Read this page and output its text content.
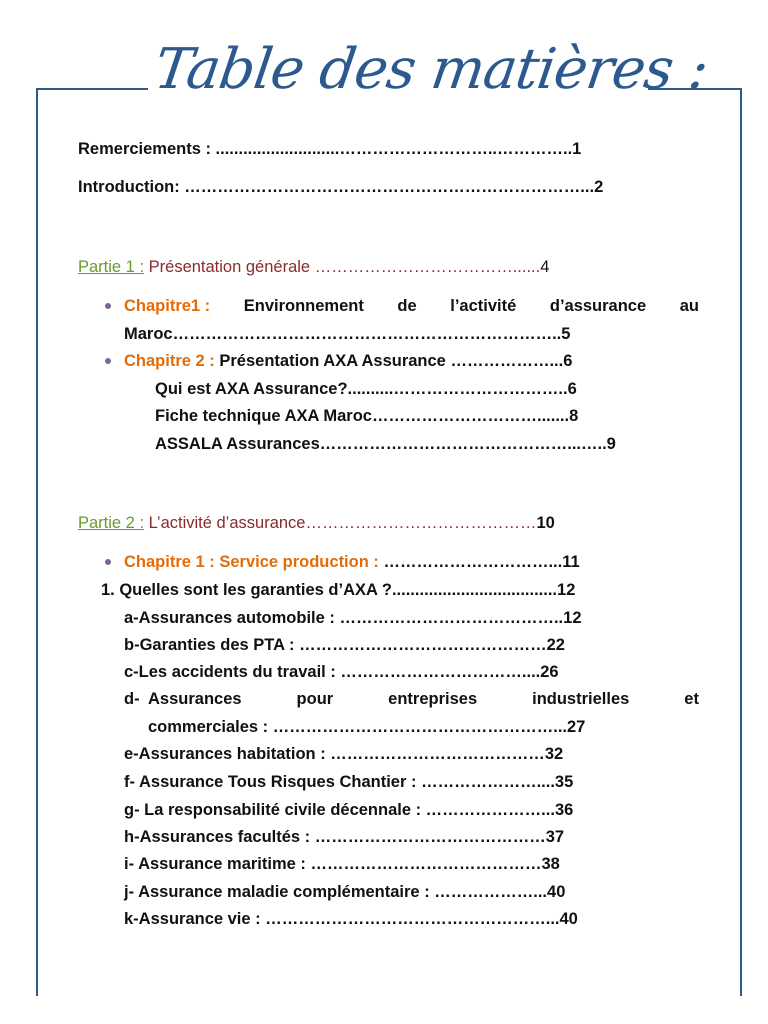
Table des matières :
Remerciements : ...........................………………………..…………..1
Introduction: ………………………………………………………………...2
Partie 1 : Présentation générale ………………………………......4
Chapitre1 : Environnement de l’activité d’assurance au
Maroc……………………………………………………………..5
Chapitre 2 : Présentation AXA Assurance ………………...6
Qui est AXA Assurance?..........…………………………..6
Fiche technique AXA Maroc………………………….......8
ASSALA Assurances………………………………………...…..9
Partie 2 : L’activité d’assurance……………………………………10
Chapitre 1 : Service production : …………………………...11
1. Quelles sont les garanties d’AXA ?....................................12
a-Assurances automobile : …………………………………..12
b-Garanties des PTA : ………………………………………22
c-Les accidents du travail : ……………………………....26
d- Assurances	pour	entreprises	industrielles	et
commerciales : ……………………………………………...27
e-Assurances habitation : …………………………………32
f- Assurance Tous Risques Chantier : …………………....35
g- La responsabilité civile décennale : …………………...36
h-Assurances facultés : ……………………………………37
i- Assurance maritime : ……………………………………38
j- Assurance maladie complémentaire : ………………...40
k-Assurance vie : ……………………………………………...40
